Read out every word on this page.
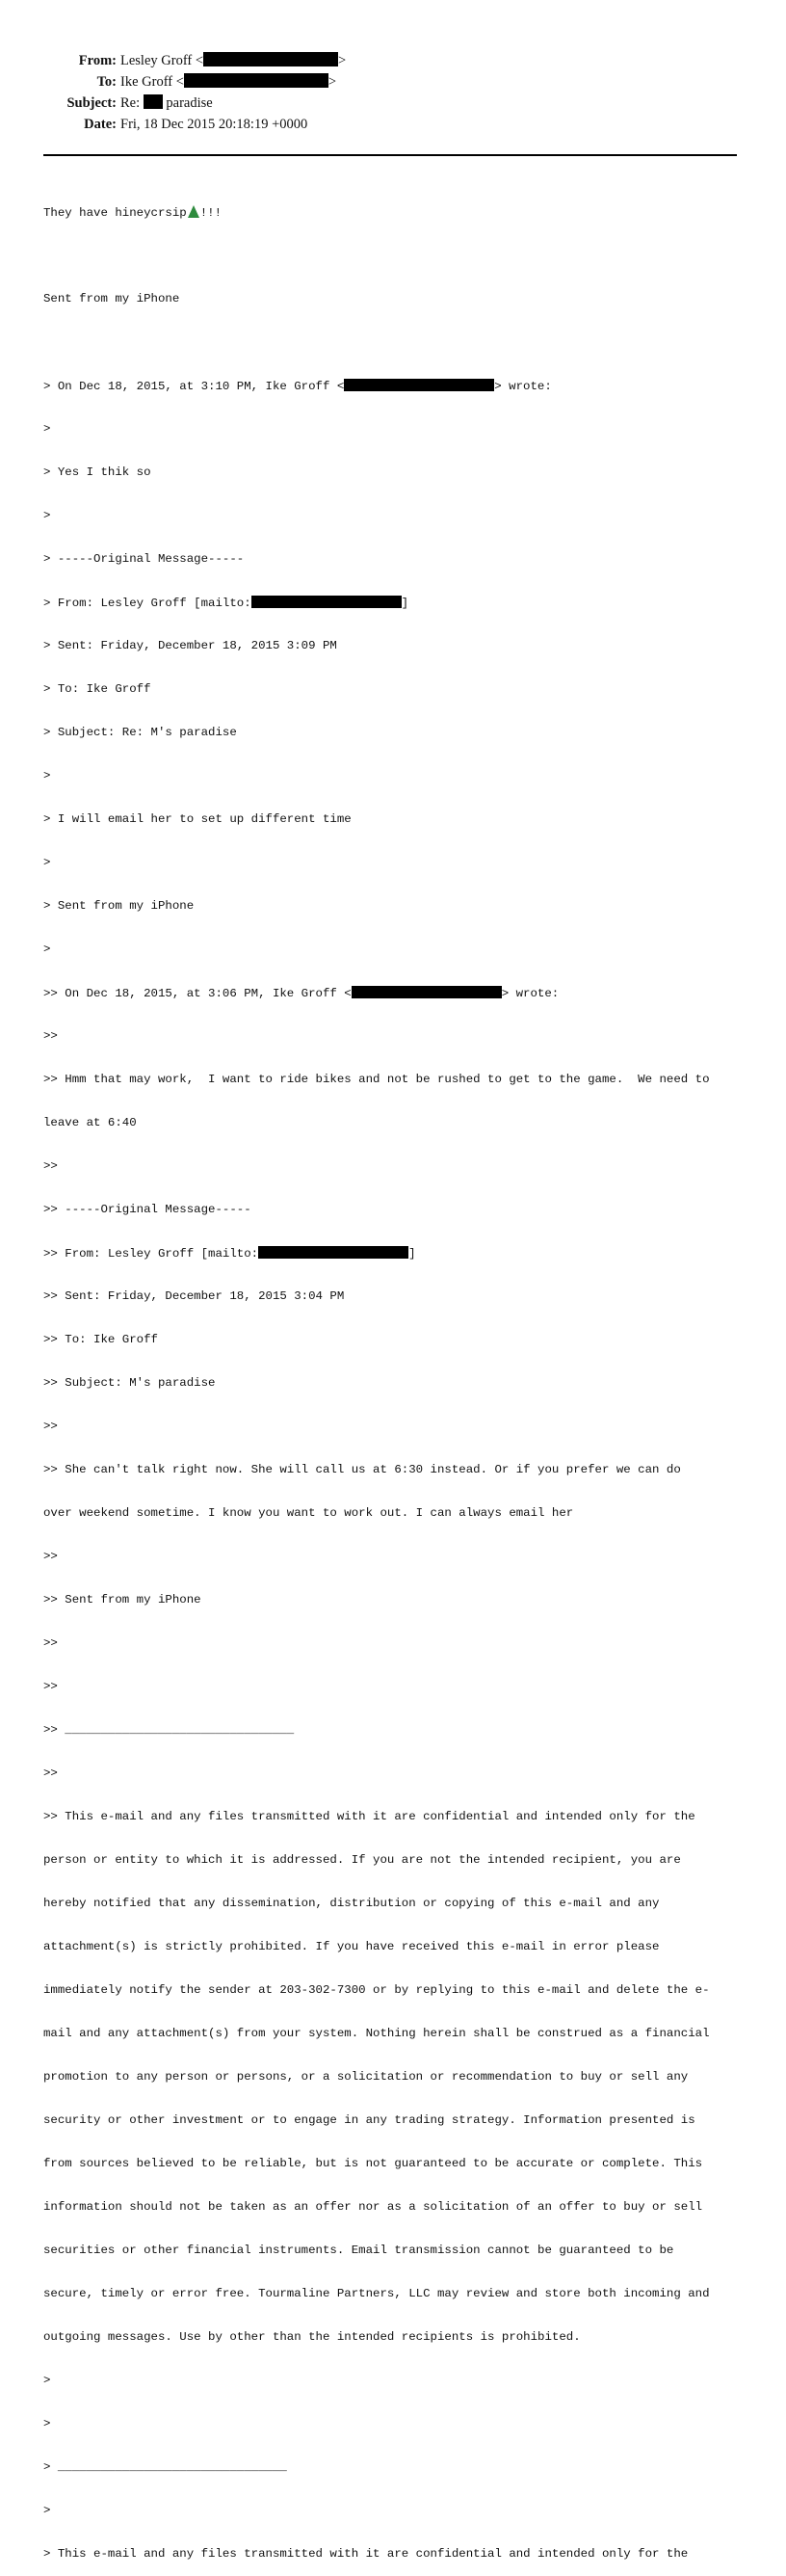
From: Lesley Groff <	>
To: Ike Groff <	>
Subject: Re:  paradise
Date: Fri, 18 Dec 2015 20:18:19 +0000

They have hineycrsip !!!

Sent from my iPhone

> On Dec 18, 2015, at 3:10 PM, Ike Groff <	> wrote:

>

> Yes I thik so

>

> -----Original Message-----

> From: Lesley Groff [mailto:	]

> Sent: Friday, December 18, 2015 3:09 PM

> To: Ike Groff

> Subject: Re: M's paradise

>

> I will email her to set up different time

>

> Sent from my iPhone

>

>> On Dec 18, 2015, at 3:06 PM, Ike Groff <	> wrote:

>>

>> Hmm that may work,  I want to ride bikes and not be rushed to get to the game.  We need to

leave at 6:40

>>

>> -----Original Message-----

>> From: Lesley Groff [mailto:	]

>> Sent: Friday, December 18, 2015 3:04 PM

>> To: Ike Groff

>> Subject: M's paradise

>>

>> She can't talk right now. She will call us at 6:30 instead. Or if you prefer we can do

over weekend sometime. I know you want to work out. I can always email her

>>

>> Sent from my iPhone

>>

>>

>> ________________________________

>>

>> This e-mail and any files transmitted with it are confidential and intended only for the

person or entity to which it is addressed. If you are not the intended recipient, you are

hereby notified that any dissemination, distribution or copying of this e-mail and any

attachment(s) is strictly prohibited. If you have received this e-mail in error please

immediately notify the sender at 203-302-7300 or by replying to this e-mail and delete the e-

mail and any attachment(s) from your system. Nothing herein shall be construed as a financial

promotion to any person or persons, or a solicitation or recommendation to buy or sell any

security or other investment or to engage in any trading strategy. Information presented is

from sources believed to be reliable, but is not guaranteed to be accurate or complete. This

information should not be taken as an offer nor as a solicitation of an offer to buy or sell

securities or other financial instruments. Email transmission cannot be guaranteed to be

secure, timely or error free. Tourmaline Partners, LLC may review and store both incoming and

outgoing messages. Use by other than the intended recipients is prohibited.

>

>

> ________________________________

>

> This e-mail and any files transmitted with it are confidential and intended only for the
